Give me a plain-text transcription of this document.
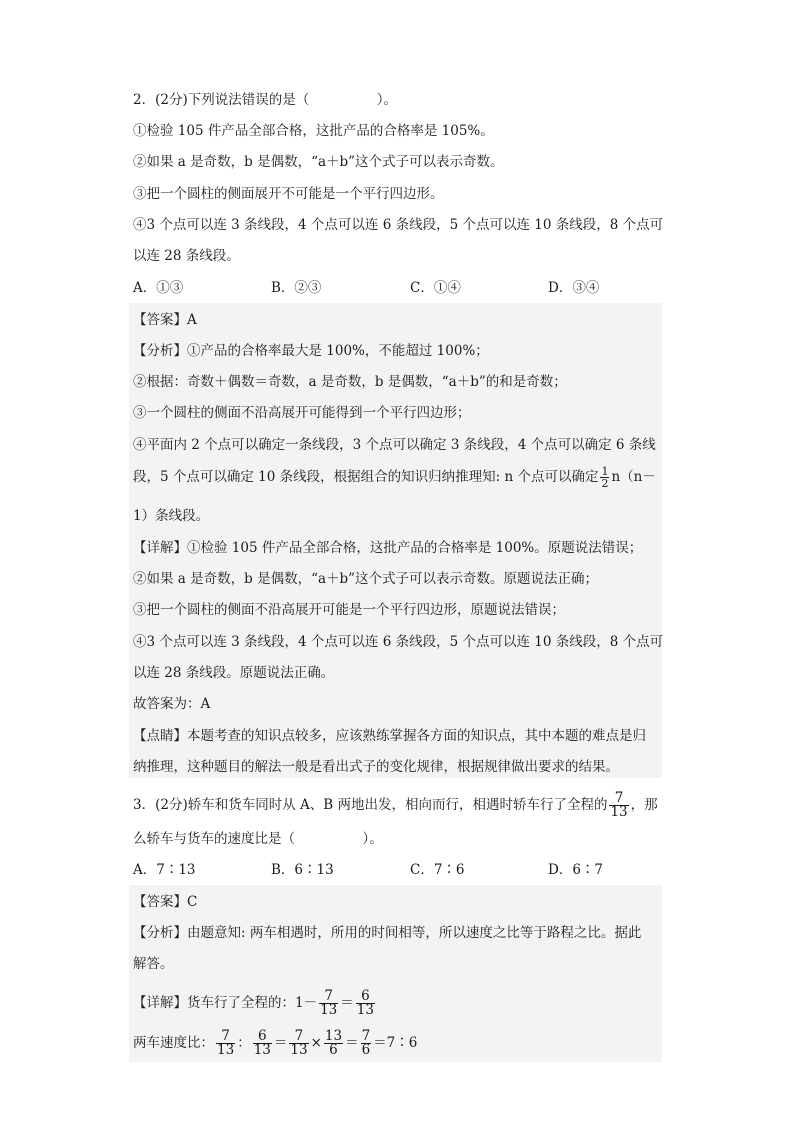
2．(2分)下列说法错误的是（　　　　　）。
①检验 105 件产品全部合格，这批产品的合格率是 105%。
②如果 a 是奇数，b 是偶数，“a＋b”这个式子可以表示奇数。
③把一个圆柱的侧面展开不可能是一个平行四边形。
④3 个点可以连 3 条线段，4 个点可以连 6 条线段，5 个点可以连 10 条线段，8 个点可
以连 28 条线段。
A．①③	B．②③	C．①④	D．③④
【答案】A
【分析】①产品的合格率最大是 100%，不能超过 100%；
②根据：奇数＋偶数＝奇数，a 是奇数，b 是偶数，“a＋b”的和是奇数；
③一个圆柱的侧面不沿高展开可能得到一个平行四边形；
④平面内 2 个点可以确定一条线段，3 个点可以确定 3 条线段，4 个点可以确定 6 条线
段，5 个点可以确定 10 条线段，根据组合的知识归纳推理知: n 个点可以确定 $\frac{1}{2} n(n-$
1）条线段。
【详解】①检验 105 件产品全部合格，这批产品的合格率是 100%。原题说法错误；
②如果 a 是奇数，b 是偶数，“a＋b”这个式子可以表示奇数。原题说法正确；
③把一个圆柱的侧面不沿高展开可能是一个平行四边形，原题说法错误；
④3 个点可以连 3 条线段，4 个点可以连 6 条线段，5 个点可以连 10 条线段，8 个点可
以连 28 条线段。原题说法正确。
故答案为：A
【点睛】本题考查的知识点较多，应该熟练掌握各方面的知识点，其中本题的难点是归
纳推理，这种题目的解法一般是看出式子的变化规律，根据规律做出要求的结果。
3．(2分)轿车和货车同时从 A、B 两地出发，相向而行，相遇时轿车行了全程的 $\frac{7}{13}$ ，那
么轿车与货车的速度比是（　　　　　）。
A．7∶13	B．6∶13	C．7∶6	D．6∶7
【答案】C
【分析】由题意知: 两车相遇时，所用的时间相等，所以速度之比等于路程之比。据此
解答。
【详解】货车行了全程的：$1- \frac{7}{13} = \frac{6}{13}$
两车速度比： $\frac{7}{13}$ ： $\frac{6}{13} = \frac{7}{13} \times \frac{13}{6} = \frac{7}{6}$ ＝7∶6
